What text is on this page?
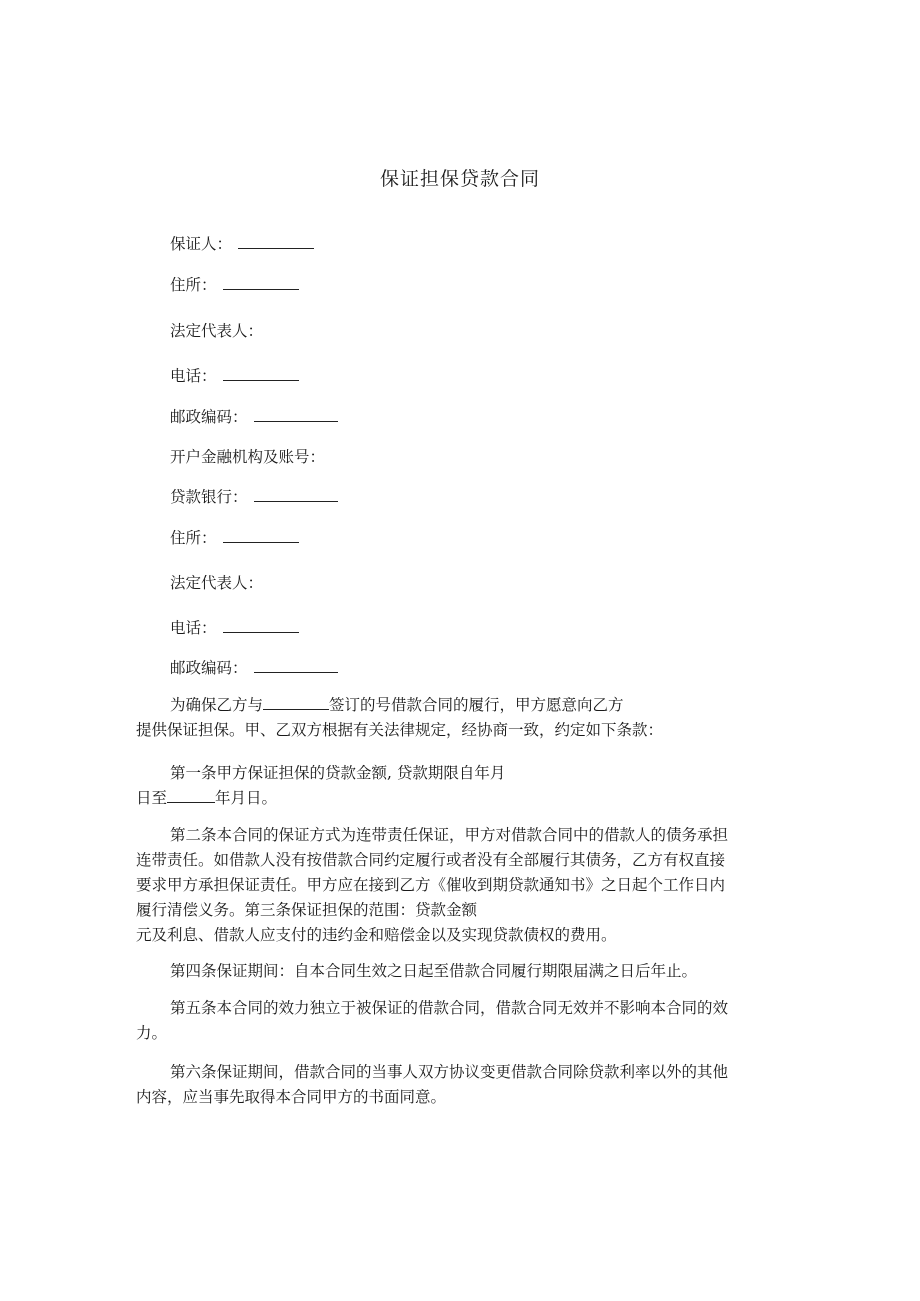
保证担保贷款合同
保证人：
住所：
法定代表人：
电话：
邮政编码：
开户金融机构及账号：
贷款银行：
住所：
法定代表人：
电话：
邮政编码：
为确保乙方与	签订的号借款合同的履行，甲方愿意向乙方
提供保证担保。甲、乙双方根据有关法律规定，经协商一致，约定如下条款：
第一条甲方保证担保的贷款金额, 贷款期限自年月
日至	年月日。
第二条本合同的保证方式为连带责任保证，甲方对借款合同中的借款人的债务承担
连带责任。如借款人没有按借款合同约定履行或者没有全部履行其债务，乙方有权直接
要求甲方承担保证责任。甲方应在接到乙方《催收到期贷款通知书》之日起个工作日内
履行清偿义务。第三条保证担保的范围：贷款金额
元及利息、借款人应支付的违约金和赔偿金以及实现贷款债权的费用。
第四条保证期间：自本合同生效之日起至借款合同履行期限届满之日后年止。
第五条本合同的效力独立于被保证的借款合同，借款合同无效并不影响本合同的效
力。
第六条保证期间，借款合同的当事人双方协议变更借款合同除贷款利率以外的其他
内容，应当事先取得本合同甲方的书面同意。
